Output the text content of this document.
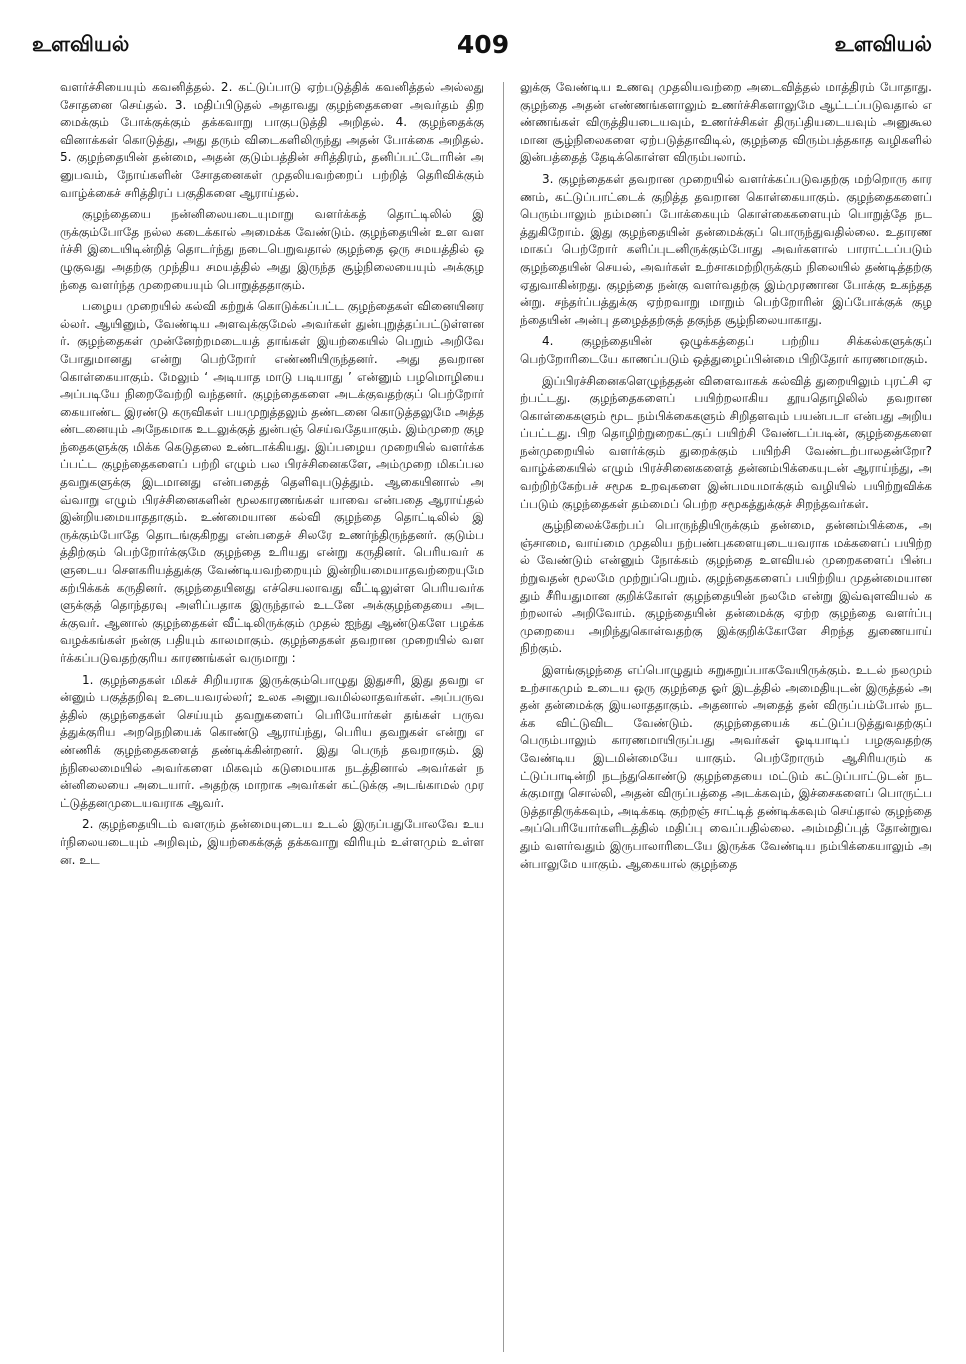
உளவியல்	409	உளவியல்

வளர்ச்சியையும் கவனித்தல். 2. கட்டுப்பாடு ஏற்படுத்திக் கவனித்தல் அல்லது சோதனை செய்தல். 3. மதிப்பிடுதல் அதாவது குழந்தைகளை அவர்தம் திறமைக்கும் போக்குக்கும் தக்கவாறு பாகுபடுத்தி அறிதல். 4. குழந்தைக்கு வினாக்கள் கொடுத்து, அது தரும் விடைகளிலிருந்து அதன் போக்கை அறிதல். 5. குழந்தையின் தன்மை, அதன் குடும்பத்தின் சரித்திரம், தனிப்பட்டோரின் அனுபவம், நோய்களின் சோதனைகள் முதலியவற்றைப் பற்றித் தெரிவிக்கும் வாழ்க்கைச் சரித்திரப் பகுதிகளை ஆராய்தல்.

குழந்தையை நன்னிலையடையுமாறு வளர்க்கத் தொட்டிலில் இருக்கும்போதே நல்ல கடைக்கால் அமைக்க வேண்டும். குழந்தையின் உள வளர்ச்சி இடையிடின்றித் தொடர்ந்து நடைபெறுவதால் குழந்தை ஒரு சமயத்தில் ஒழுகுவது அதற்கு முந்திய சமயத்தில் அது இருந்த சூழ்நிலையையும் அக்குழந்தை வளர்ந்த முறையையும் பொறுத்ததாகும்.

பழைய முறையில் கல்வி கற்றுக் கொடுக்கப்பட்ட குழந்தைகள் வினையினரல்லர். ஆயினும், வேண்டிய அளவுக்குமேல் அவர்கள் துன்புறுத்தப்பட்டுள்ளனர். குழந்தைகள் முன்னேற்றமடையத் தாங்கள் இயற்கையில் பெறும் அறிவே போதுமானது என்று பெற்றோர் எண்ணியிருந்தனர். அது தவறான கொள்கையாகும். மேலும் ‘ அடியாத மாடு படியாது ’ என்னும் பழமொழியை அப்படியே நிறைவேற்றி வந்தனர். குழந்தைகளை அடக்குவதற்குப் பெற்றோர் கையாண்ட இரண்டு கருவிகள் பயமுறுத்தலும் தண்டனை கொடுத்தலுமே அத்தண்டனையும் அநேகமாக உடலுக்குத் துன்பஞ் செய்வதேயாகும். இம்முறை குழந்தைகளுக்கு மிக்க கெடுதலை உண்டாக்கியது. இப்பழைய முறையில் வளர்க்கப்பட்ட குழந்தைகளைப் பற்றி எழும் பல பிரச்சினைகளே, அம்முறை மிகப்பல தவறுகளுக்கு இடமானது என்பதைத் தெளிவுபடுத்தும். ஆகையினால் அவ்வாறு எழும் பிரச்சினைகளின் மூலகாரணங்கள் யாவை என்பதை ஆராய்தல் இன்றியமையாததாகும். உண்மையான கல்வி குழந்தை தொட்டிலில் இருக்கும்போதே தொடங்குகிறது என்பதைச் சிலரே உணர்ந்திருந்தனர். குடும்பத்திற்கும் பெற்றோர்க்குமே குழந்தை உரியது என்று கருதினர். பெரியவர் களுடைய சௌகரியத்துக்கு வேண்டியவற்றையும் இன்றியமையாதவற்றையுமே கற்பிக்கக் கருதினர். குழந்தையினது எச்செயலாவது வீட்டிலுள்ள பெரியவர்களுக்குத் தொந்தரவு அளிப்பதாக இருந்தால் உடனே அக்குழந்தையை அடக்குவர். ஆனால் குழந்தைகள் வீட்டிலிருக்கும் முதல் ஐந்து ஆண்டுகளே பழக்க வழக்கங்கள் நன்கு பதியும் காலமாகும். குழந்தைகள் தவறான முறையில் வளர்க்கப்படுவதற்குரிய காரணங்கள் வருமாறு :

1. குழந்தைகள் மிகச் சிறியராக இருக்கும்பொழுது இதுசரி, இது தவறு என்னும் பகுத்தறிவு உடையவரல்லர்; உலக அனுபவமில்லாதவர்கள். அப்பருவத்தில் குழந்தைகள் செய்யும் தவறுகளைப் பெரியோர்கள் தங்கள் பருவத்துக்குரிய அறநெறியைக் கொண்டு ஆராய்ந்து, பெரிய தவறுகள் என்று எண்ணிக் குழந்தைகளைத் தண்டிக்கின்றனர். இது பெருந் தவறாகும். இந்நிலைமையில் அவர்களை மிகவும் கடுமையாக நடத்தினால் அவர்கள் நன்னிலையை அடையார். அதற்கு மாறாக அவர்கள் கட்டுக்கு அடங்காமல் முரட்டுத்தனமுடையவராக ஆவர்.

2. குழந்தையிடம் வளரும் தன்மையுடைய உடல் இருப்பதுபோலவே உயர்நிலையடையும் அறிவும், இயற்கைக்குத் தக்கவாறு விரியும் உள்ளமும் உள்ளன. உட

லுக்கு வேண்டிய உணவு முதலியவற்றை அடைவித்தல் மாத்திரம் போதாது. குழந்தை அதன் எண்ணங்களாலும் உணர்ச்சிகளாலுமே ஆட்டப்படுவதால் எண்ணங்கள் விருத்தியடையவும், உணர்ச்சிகள் திருப்தியடையவும் அனுகூலமான சூழ்நிலைகளை ஏற்படுத்தாவிடில், குழந்தை விரும்பத்தகாத வழிகளில் இன்பத்தைத் தேடிக்கொள்ள விரும்பலாம்.

3. குழந்தைகள் தவறான முறையில் வளர்க்கப்படுவதற்கு மற்றொரு காரணம், கட்டுப்பாட்டைக் குறித்த தவறான கொள்கையாகும். குழந்தைகளைப் பெரும்பாலும் நம்மனப் போக்கையும் கொள்கைகளையும் பொறுத்தே நடத்துகிறோம். இது குழந்தையின் தன்மைக்குப் பொருந்துவதில்லை. உதாரணமாகப் பெற்றோர் களிப்புடனிருக்கும்போது அவர்களால் பாராட்டப்படும் குழந்தையின் செயல், அவர்கள் உற்சாகமற்றிருக்கும் நிலையில் தண்டித்தற்கு ஏதுவாகின்றது. குழந்தை நன்கு வளர்வதற்கு இம்முரணான போக்கு உகந்ததன்று. சந்தர்ப்பத்துக்கு ஏற்றவாறு மாறும் பெற்றோரின் இப்போக்குக் குழந்தையின் அன்பு தழைத்தற்குத் தகுந்த சூழ்நிலையாகாது.

4. குழந்தையின் ஒழுக்கத்தைப் பற்றிய சிக்கல்களுக்குப் பெற்றோரிடையே காணப்படும் ஒத்துழைப்பின்மை பிறிதோர் காரணமாகும்.

இப்பிரச்சினைகளெழுந்ததன் விளைவாகக் கல்வித் துறையிலும் புரட்சி ஏற்பட்டது. குழந்தைகளைப் பயிற்றலாகிய தூயதொழிலில் தவறான கொள்கைகளும் மூட நம்பிக்கைகளும் சிறிதளவும் பயன்படா என்பது அறியப்பட்டது. பிற தொழிற்றுறைகட்குப் பயிற்சி வேண்டப்படின், குழந்தைகளை நன்முறையில் வளர்க்கும் துறைக்கும் பயிற்சி வேண்டற்பாலதன்றோ? வாழ்க்கையில் எழும் பிரச்சினைகளைத் தன்னம்பிக்கையுடன் ஆராய்ந்து, அவற்றிற்கேற்பச் சமூக உறவுகளை இன்பமயமாக்கும் வழியில் பயிற்றுவிக்கப்படும் குழந்தைகள் தம்மைப் பெற்ற சமூகத்துக்குச் சிறந்தவர்கள்.

சூழ்நிலைக்கேற்பப் பொருந்தியிருக்கும் தன்மை, தன்னம்பிக்கை, அஞ்சாமை, வாய்மை முதலிய நற்பண்புகளையுடையவராக மக்களைப் பயிற்றல் வேண்டும் என்னும் நோக்கம் குழந்தை உளவியல் முறைகளைப் பின்பற்றுவதன் மூலமே முற்றுப்பெறும். குழந்தைகளைப் பயிற்றிய முதன்மையானதும் சீரியதுமான குறிக்கோள் குழந்தையின் நலமே என்று இவ்வுளவியல் கற்றலால் அறிவோம். குழந்தையின் தன்மைக்கு ஏற்ற குழந்தை வளர்ப்பு முறையை அறிந்துகொள்வதற்கு இக்குறிக்கோளே சிறந்த துணையாய் நிற்கும்.

இளங்குழந்தை எப்பொழுதும் சுறுசுறுப்பாகவேயிருக்கும். உடல் நலமும் உற்சாகமும் உடைய ஒரு குழந்தை ஓர் இடத்தில் அமைதியுடன் இருத்தல் அதன் தன்மைக்கு இயலாததாகும். அதனால் அதைத் தன் விருப்பம்போல் நடக்க விட்டுவிட வேண்டும். குழந்தையைக் கட்டுப்படுத்துவதற்குப் பெரும்பாலும் காரணமாயிருப்பது அவர்கள் ஓடியாடிப் பழகுவதற்கு வேண்டிய இடமின்மையே யாகும். பெற்றோரும் ஆசிரியரும் கட்டுப்பாடின்றி நடந்துகொண்டு குழந்தையை மட்டும் கட்டுப்பாட்டுடன் நடக்குமாறு சொல்லி, அதன் விருப்பத்தை அடக்கவும், இச்சைகளைப் பொருட்படுத்தாதிருக்கவும், அடிக்கடி குற்றஞ் சாட்டித் தண்டிக்கவும் செய்தால் குழந்தை அப்பெரியோர்களிடத்தில் மதிப்பு வைப்பதில்லை. அம்மதிப்புத் தோன்றுவதும் வளர்வதும் இருபாலாரிடையே இருக்க வேண்டிய நம்பிக்கையாலும் அன்பாலுமே யாகும். ஆகையால் குழந்தை
